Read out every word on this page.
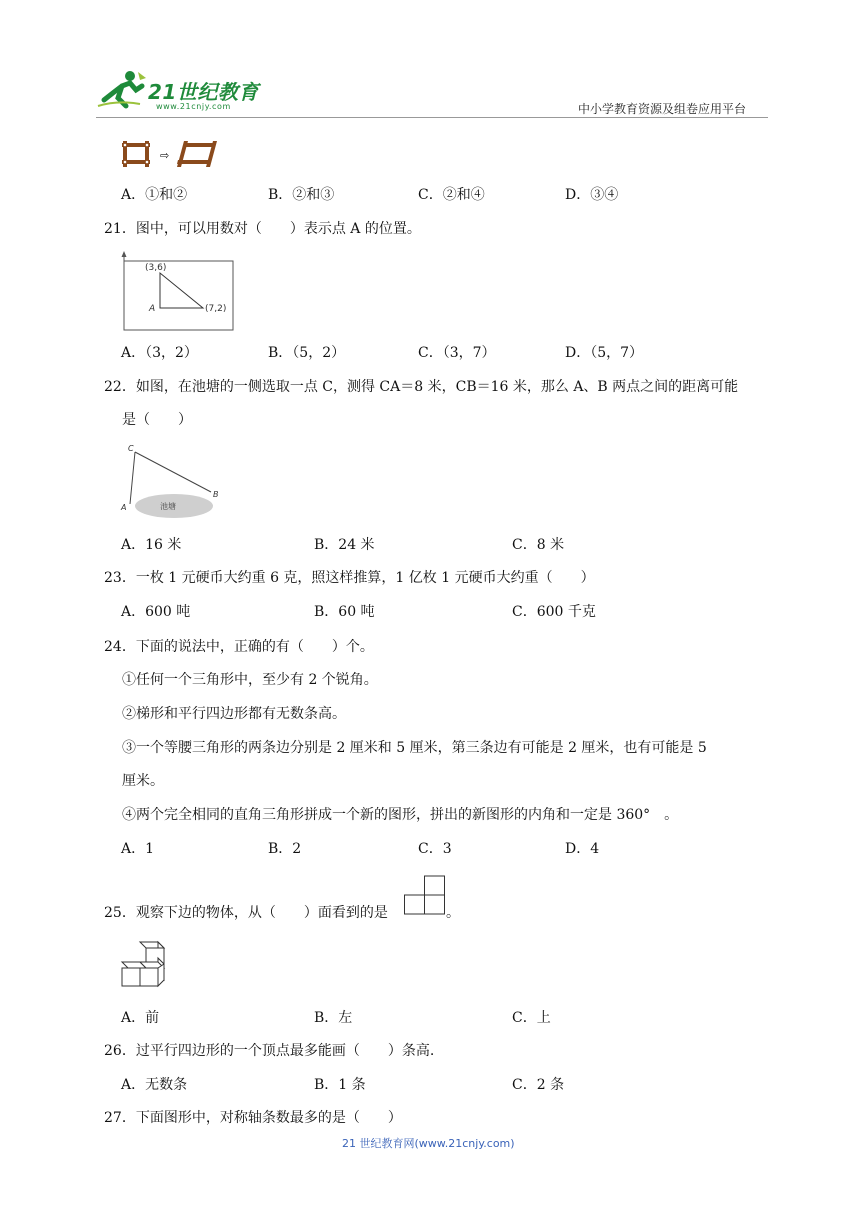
21世纪教育
www.21cnjy.com	中小学教育资源及组卷应用平台
⇨
A．①和②	B．②和③	C．②和④	D．③④
21．图中，可以用数对（　　）表示点 A 的位置。
(3,6)
A	(7,2)
A．（3，2）	B．（5，2）	C．（3，7）	D．（5，7）
22．如图，在池塘的一侧选取一点 C，测得 CA＝8 米，CB＝16 米，那么 A、B 两点之间的距离可能
是（　　）
C
A
B
池塘
A．16 米	B．24 米	C．8 米
23．一枚 1 元硬币大约重 6 克，照这样推算，1 亿枚 1 元硬币大约重（　　）
A．600 吨	B．60 吨	C．600 千克
24．下面的说法中，正确的有（　　）个。
①任何一个三角形中，至少有 2 个锐角。
②梯形和平行四边形都有无数条高。
③一个等腰三角形的两条边分别是 2 厘米和 5 厘米，第三条边有可能是 2 厘米，也有可能是 5
厘米。
④两个完全相同的直角三角形拼成一个新的图形，拼出的新图形的内角和一定是 360°　。
A．1	B．2	C．3	D．4
25．观察下边的物体，从（　　）面看到的是	。
A．前	B．左	C．上
26．过平行四边形的一个顶点最多能画（　　）条高.
A．无数条	B．1 条	C．2 条
27．下面图形中，对称轴条数最多的是（　　）
21 世纪教育网(www.21cnjy.com)
